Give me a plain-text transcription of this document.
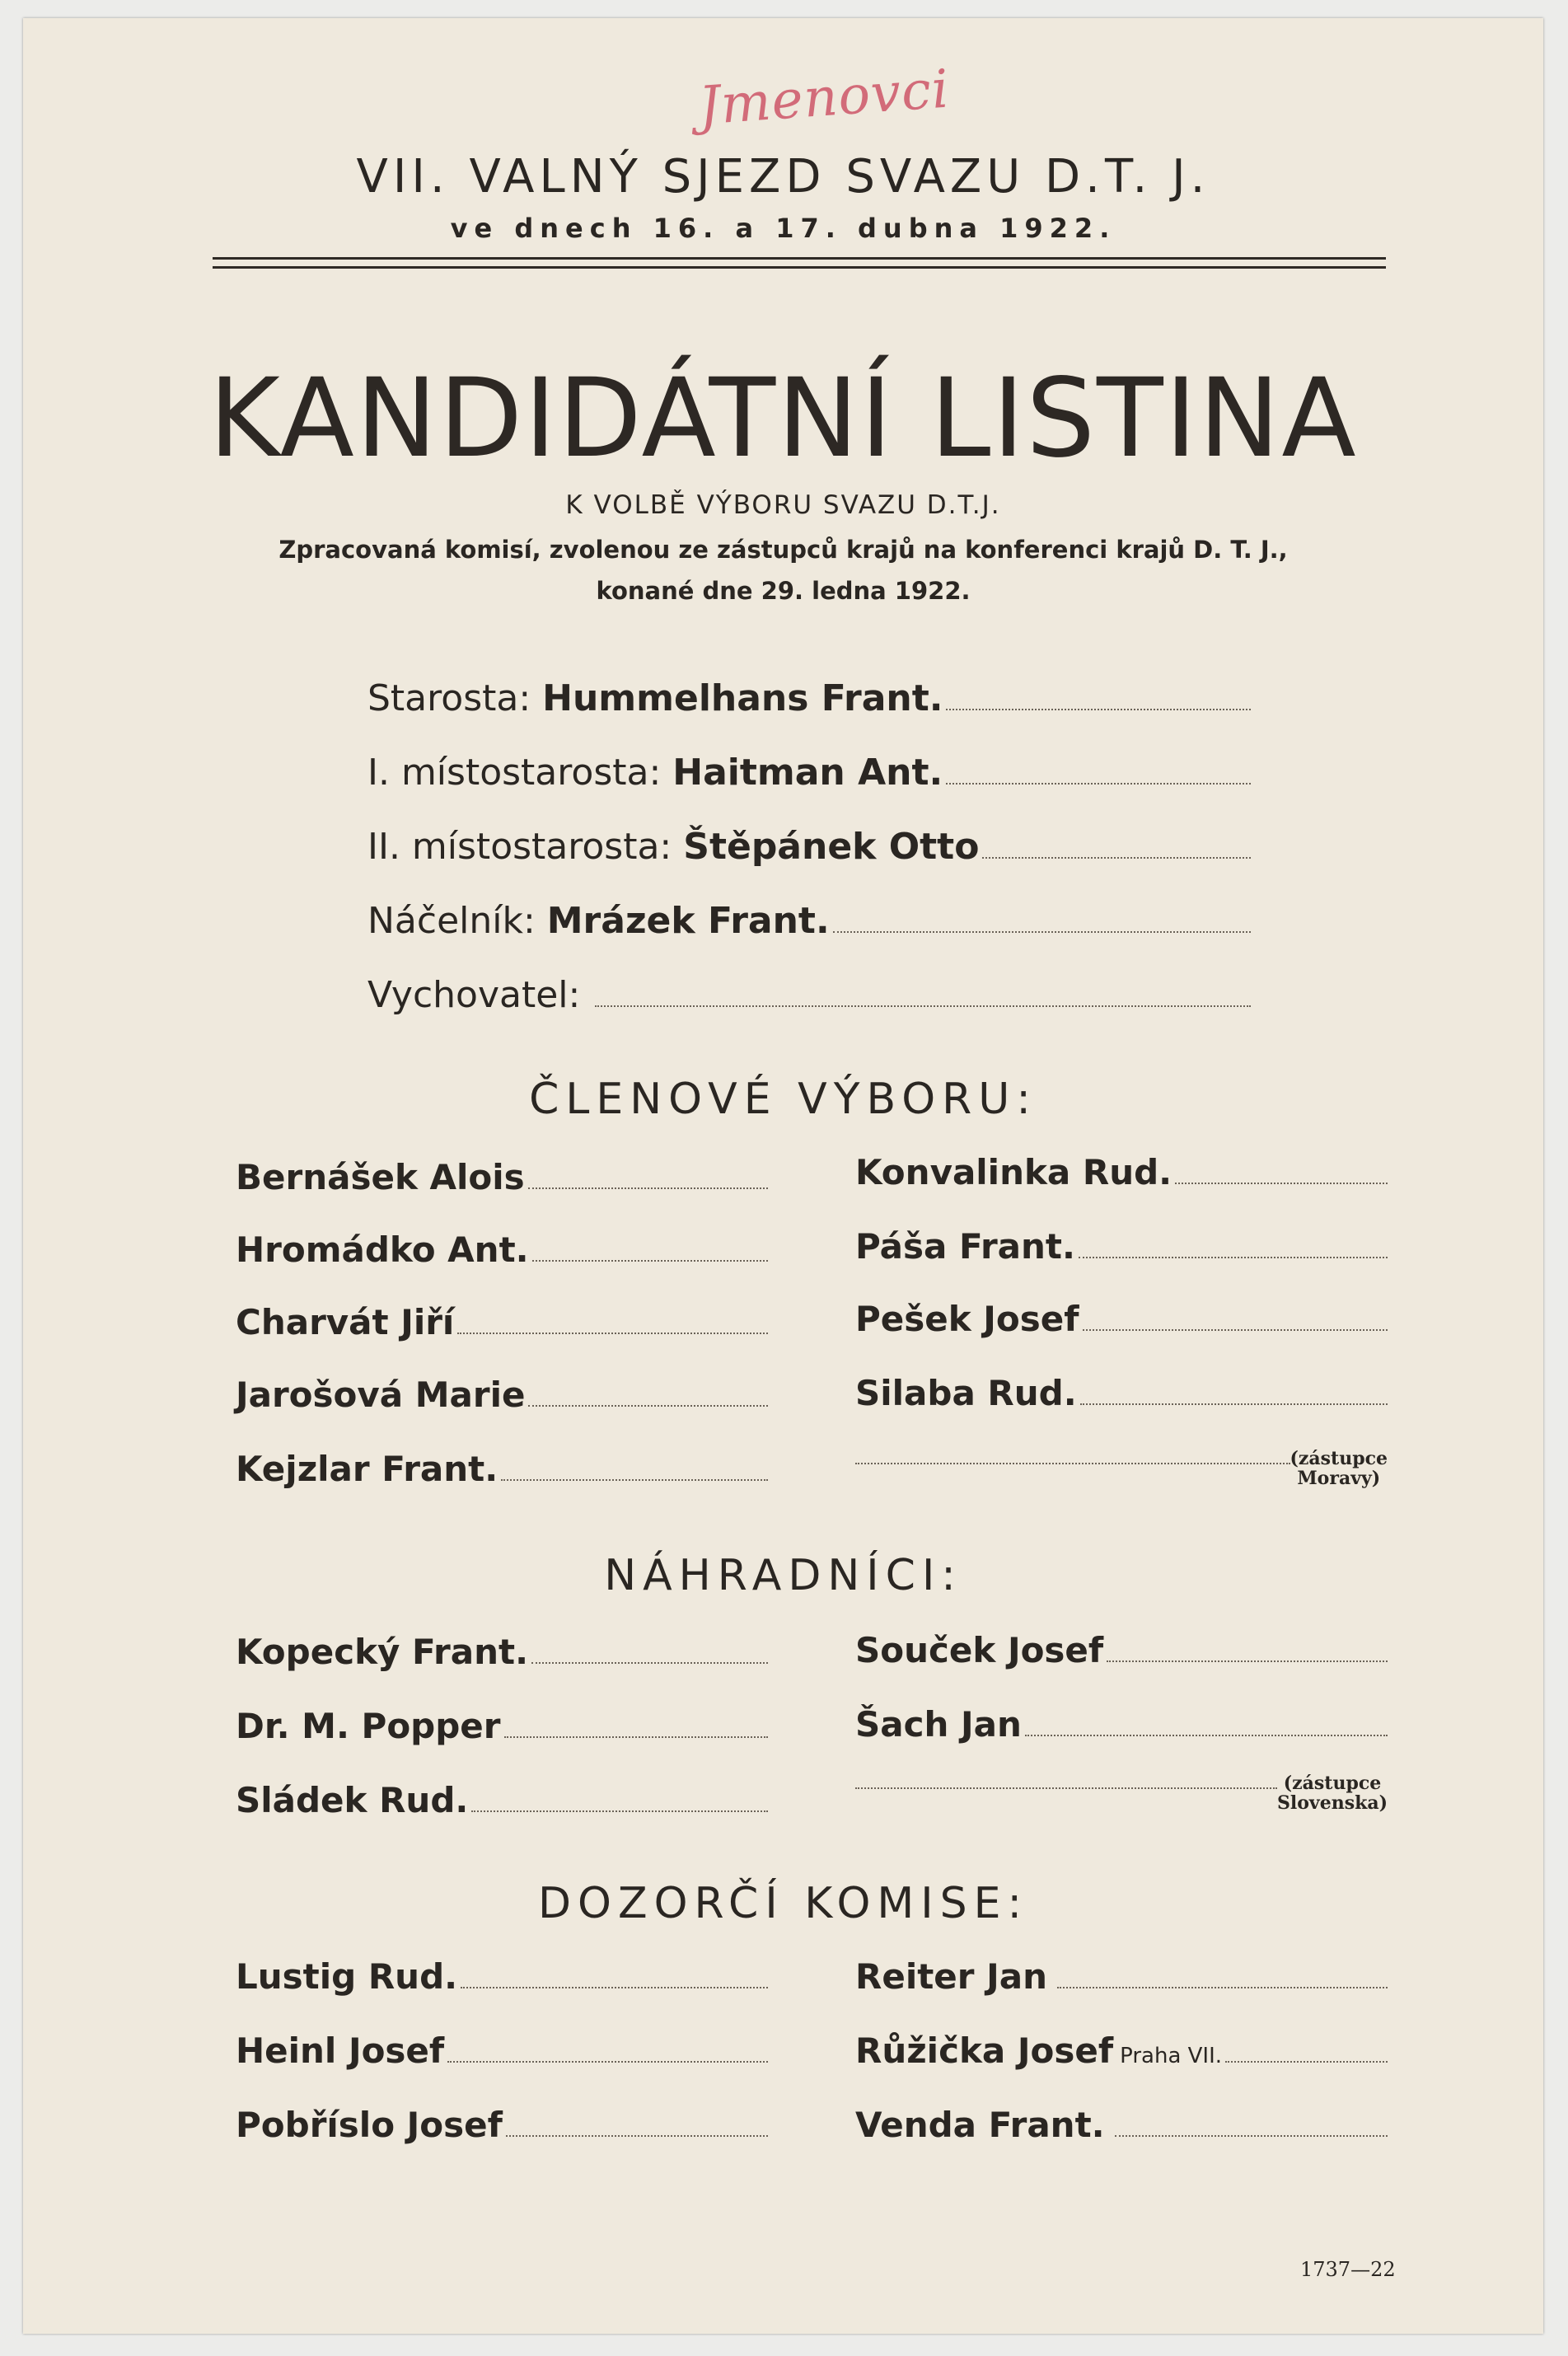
Jmenovci
VII. VALNÝ SJEZD SVAZU D.T. J.
ve dnech 16. a 17. dubna 1922.
KANDIDÁTNÍ LISTINA
K VOLBĚ VÝBORU SVAZU D.T.J.
Zpracovaná komisí, zvolenou ze zástupců krajů na konferenci krajů D. T. J.,
konané dne 29. ledna 1922.
Starosta: Hummelhans Frant.
I. místostarosta: Haitman Ant.
II. místostarosta: Štěpánek Otto
Náčelník: Mrázek Frant.
Vychovatel:
ČLENOVÉ VÝBORU:
Bernášek Alois
Hromádko Ant.
Charvát Jiří
Jarošová Marie
Kejzlar Frant.
Konvalinka Rud.
Páša Frant.
Pešek Josef
Silaba Rud.
(zástupce
Moravy)
NÁHRADNÍCI:
Kopecký Frant.
Dr. M. Popper
Sládek Rud.
Souček Josef
Šach Jan
(zástupce
Slovenska)
DOZORČÍ KOMISE:
Lustig Rud.
Heinl Josef
Pobříslo Josef
Reiter Jan
Růžička Josef Praha VII.
Venda Frant.
1737—22
